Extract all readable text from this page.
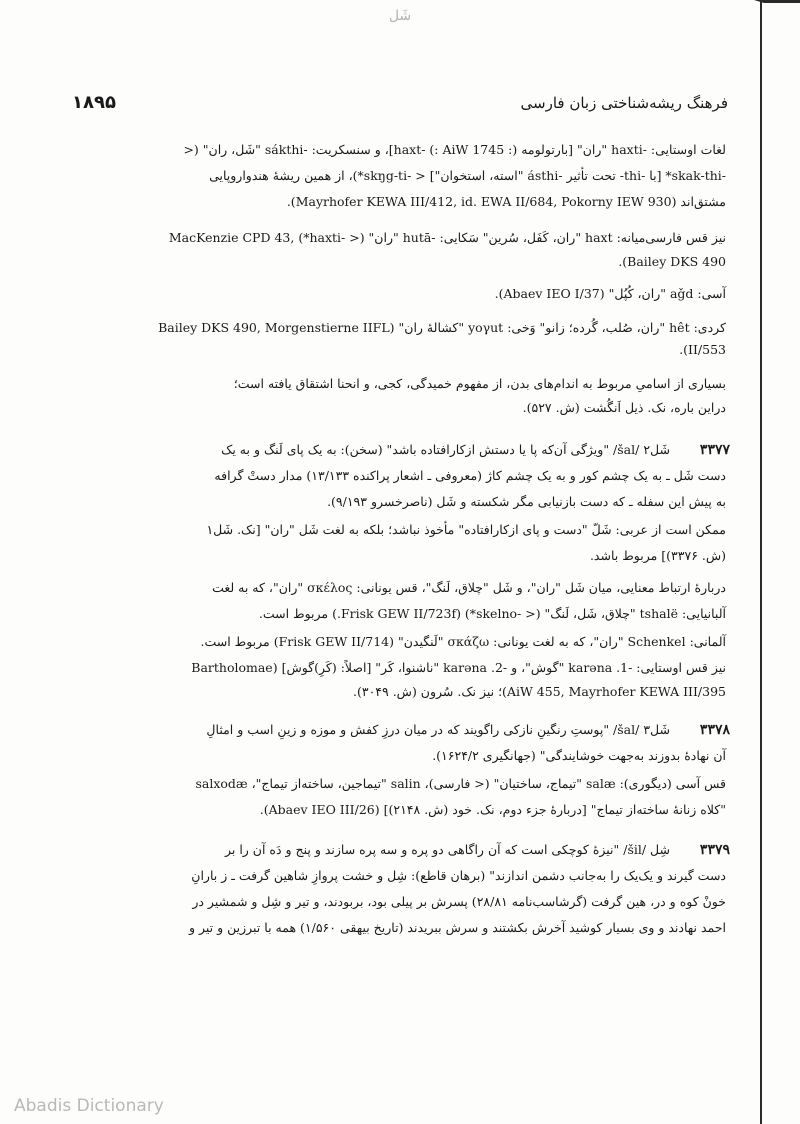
شَل
۱۸۹۵	فرهنگ ریشه‌شناختی زبان فارسی
لغات اوستایی: -haxti "ران" [بارتولومه (: AiW 1745 :) -haxt]، و سنسکریت: -sákthi "شَل، ران" (<
-skak-thi* [با -thi- تحت تأثیر -ásthi "استه، استخوان"] < -skŋg-ti*)، از همین ریشهٔ هندواروپایی
مشتق‌اند (Mayrhofer KEWA III/412, id. EWA II/684, Pokorny IEW 930).
نیز قس فارسی‌میانه: haxt "ران، کَفَل، سُرین" سَکایی: -hutā "ران" (< -haxti*) ,MacKenzie CPD 43
Bailey DKS 490).
آسی: aǧd "ران، کُپُل" (Abaev IEO I/37).
کردی: hêt "ران، صُلب، گُرده؛ زانو" وَخی: yoγut "کشالهٔ ران" (Bailey DKS 490, Morgenstierne IIFL
II/553).
بسیاری از اسامیِ مربوط به اندام‌های بدن، از مفهوم خمیدگی، کجی، و انحنا اشتقاق یافته است؛
دراین باره، نک. ذیل اَنگُشت (ش. ۵۲۷).
۳۳۷۷
شَل۲ /šal/ "ویژگی آن‌که پا یا دستش ازکارافتاده باشد" (سخن): به یک پای لَنگ و به یک
دست شَل ـ به یک چشم کور و به یک چشم کاژ (معروفی ـ اشعار پراکنده ۱۳/۱۳۳) مدار دستْ گرافه
به پیش این سفله ـ که دست بازنیابی مگر شکسته و شَل (ناصرخسرو ۹/۱۹۳).
ممکن است از عربی: شَلّ "دست و پای ازکارافتاده" مأخوذ نباشد؛ بلکه به لغت شَل "ران" [نک. شَل۱
(ش. ۳۳۷۶)] مربوط باشد.
دربارهٔ ارتباط معنایی، میان شَل "ران"، و شَل "چلاق، لَنگ"، قس یونانی: σκέλος "ران"، که به لغت
آلبانیایی: tshalë "چلاق، شَل، لَنگ" (< -skelno*) (Frisk GEW II/723f.) مربوط است.
آلمانی: Schenkel "ران"، که به لغت یونانی: σκάζω "لَنگیدن" (Frisk GEW II/714) مربوط است.
نیز قس اوستایی: -karəna .1 "گوش"، و -karəna .2 "ناشنوا، کَر" [اصلاً: (کَرِ)گوش] (Bartholomae
AiW 455, Mayrhofer KEWA III/395)؛ نیز نک. سُرون (ش. ۳۰۴۹).
۳۳۷۸
شَل۳ /šal/ "پوستِ رنگینِ نازکی راگویند که در میان درزِ کفش و موزه و زینِ اسب و امثالِ
آن نهادهٔ بدوزند به‌جهت خوشایندگی" (جهانگیری ۱۶۲۴/۲).
قس آسی (دیگوری): salæ "تیماج، ساختیان" (< فارسی)، salin "تیماجین، ساخته‌از تیماج"، salxodæ
"کلاه زنانهٔ ساخته‌از تیماج" [دربارهٔ جزء دوم، نک. خود (ش. ۲۱۴۸)] (Abaev IEO III/26).
۳۳۷۹
شِل /šil/ "نیزهٔ کوچکی است که آن راگاهی دو پره و سه پره سازند و پنج و دَه آن را بر
دست گیرند و یک‌یک را به‌جانب دشمن اندازند" (برهان قاطع): شِل و خشت پروازِ شاهین گرفت ـ ز بارانِ
خونْ کوه و در، هین گرفت (گرشاسب‌نامه ۲۸/۸۱) پسرش بر پیلی بود، بربودند، و تیر و شِل و شمشیر در
احمد نهادند و وی بسیار کوشید آخرش بکشتند و سرش ببریدند (تاریخ بیهقی ۱/۵۶۰) همه با تبرزین و تیر و
Abadis Dictionary
